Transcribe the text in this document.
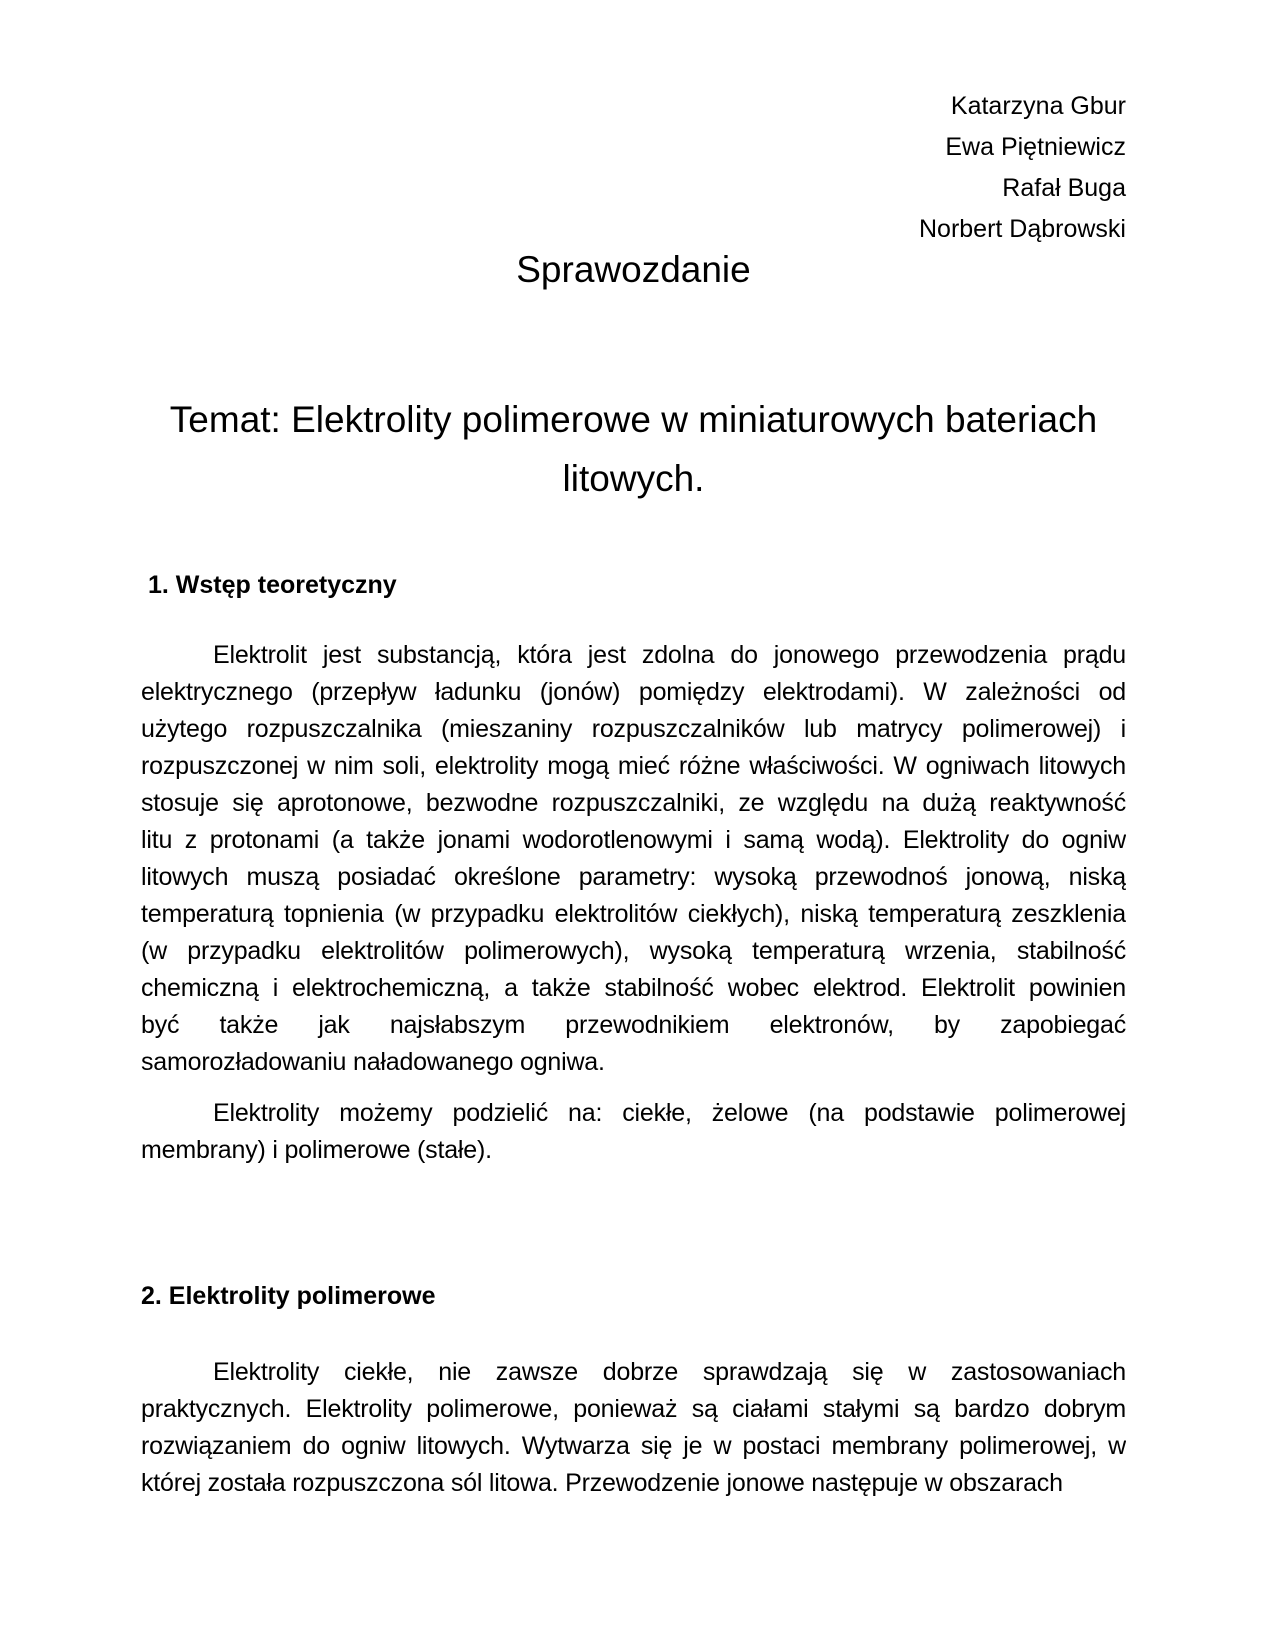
Katarzyna Gbur
Ewa Piętniewicz
Rafał Buga
Norbert Dąbrowski
Sprawozdanie
Temat: Elektrolity polimerowe w miniaturowych bateriach
litowych.
1. Wstęp teoretyczny
Elektrolit jest substancją, która jest zdolna do jonowego przewodzenia prądu
elektrycznego (przepływ ładunku (jonów) pomiędzy elektrodami). W zależności od
użytego rozpuszczalnika (mieszaniny rozpuszczalników lub matrycy polimerowej) i
rozpuszczonej w nim soli, elektrolity mogą mieć różne właściwości. W ogniwach litowych
stosuje się aprotonowe, bezwodne rozpuszczalniki, ze względu na dużą reaktywność
litu z protonami (a także jonami wodorotlenowymi i samą wodą). Elektrolity do ogniw
litowych muszą posiadać określone parametry: wysoką przewodnoś jonową, niską
temperaturą topnienia (w przypadku elektrolitów ciekłych), niską temperaturą zeszklenia
(w przypadku elektrolitów polimerowych), wysoką temperaturą wrzenia, stabilność
chemiczną i elektrochemiczną, a także stabilność wobec elektrod. Elektrolit powinien
być także jak najsłabszym przewodnikiem elektronów, by zapobiegać
samorozładowaniu naładowanego ogniwa.
Elektrolity możemy podzielić na: ciekłe, żelowe (na podstawie polimerowej
membrany) i polimerowe (stałe).
2. Elektrolity polimerowe
Elektrolity ciekłe, nie zawsze dobrze sprawdzają się w zastosowaniach
praktycznych. Elektrolity polimerowe, ponieważ są ciałami stałymi są bardzo dobrym
rozwiązaniem do ogniw litowych. Wytwarza się je w postaci membrany polimerowej, w
której została rozpuszczona sól litowa. Przewodzenie jonowe następuje w obszarach
